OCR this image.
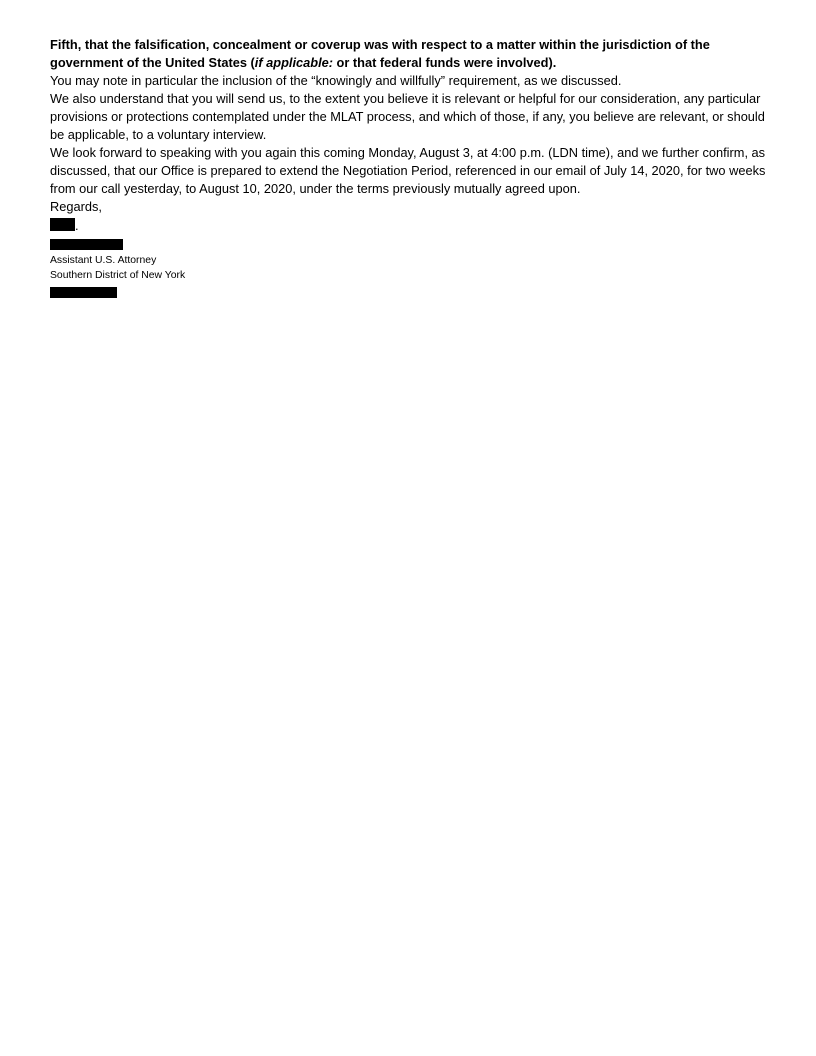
Fifth, that the falsification, concealment or coverup was with respect to a matter within the jurisdiction of the government of the United States (if applicable: or that federal funds were involved).

You may note in particular the inclusion of the “knowingly and willfully” requirement, as we discussed.

We also understand that you will send us, to the extent you believe it is relevant or helpful for our consideration, any particular provisions or protections contemplated under the MLAT process, and which of those, if any, you believe are relevant, or should be applicable, to a voluntary interview.

We look forward to speaking with you again this coming Monday, August 3, at 4:00 p.m. (LDN time), and we further confirm, as discussed, that our Office is prepared to extend the Negotiation Period, referenced in our email of July 14, 2020, for two weeks from our call yesterday, to August 10, 2020, under the terms previously mutually agreed upon.

Regards,

.

Assistant U.S. Attorney

Southern District of New York
